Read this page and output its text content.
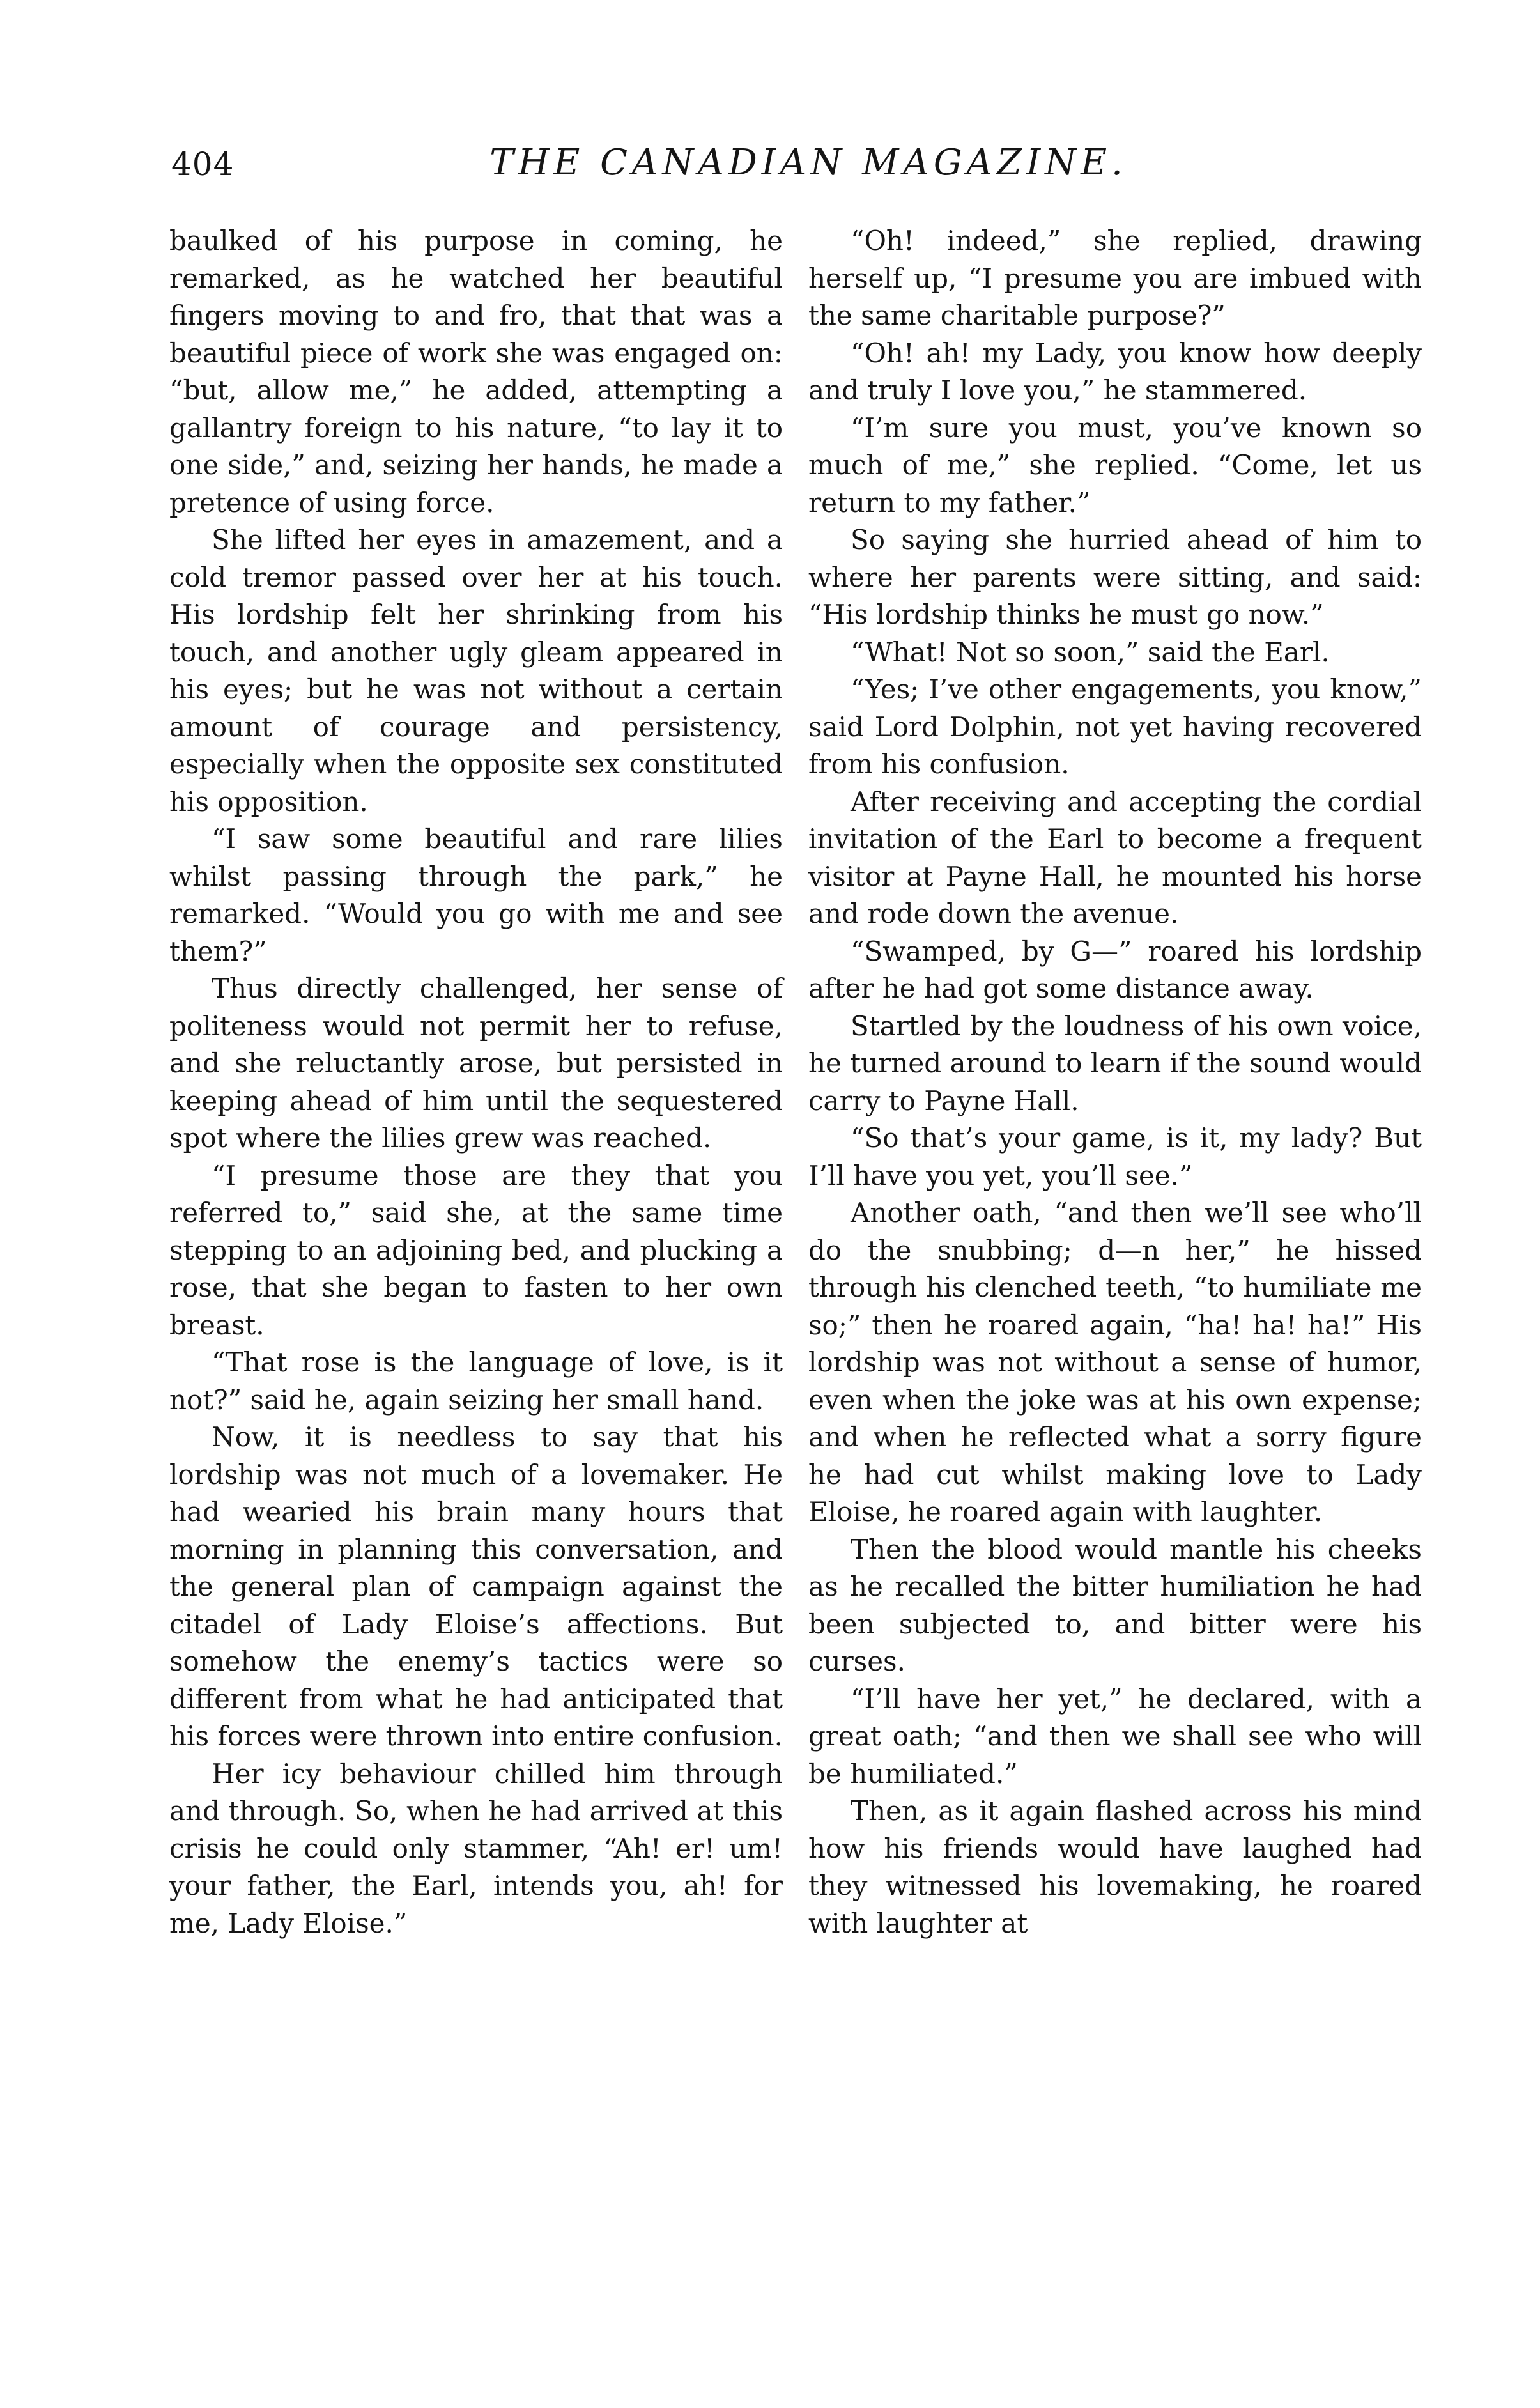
404	THE CANADIAN MAGAZINE.

baulked of his purpose in coming, he remarked, as he watched her beautiful fingers moving to and fro, that that was a beautiful piece of work she was engaged on: “but, allow me,” he added, attempting a gallantry foreign to his nature, “to lay it to one side,” and, seizing her hands, he made a pretence of using force.

She lifted her eyes in amazement, and a cold tremor passed over her at his touch. His lordship felt her shrinking from his touch, and another ugly gleam appeared in his eyes; but he was not without a certain amount of courage and persistency, especially when the opposite sex constituted his opposition.

“I saw some beautiful and rare lilies whilst passing through the park,” he remarked. “Would you go with me and see them?”

Thus directly challenged, her sense of politeness would not permit her to refuse, and she reluctantly arose, but persisted in keeping ahead of him until the sequestered spot where the lilies grew was reached.

“I presume those are they that you referred to,” said she, at the same time stepping to an adjoining bed, and plucking a rose, that she began to fasten to her own breast.

“That rose is the language of love, is it not?” said he, again seizing her small hand.

Now, it is needless to say that his lordship was not much of a lovemaker. He had wearied his brain many hours that morning in planning this conversation, and the general plan of campaign against the citadel of Lady Eloise’s affections. But somehow the enemy’s tactics were so different from what he had anticipated that his forces were thrown into entire confusion.

Her icy behaviour chilled him through and through. So, when he had arrived at this crisis he could only stammer, “Ah! er! um! your father, the Earl, intends you, ah! for me, Lady Eloise.”

“Oh! indeed,” she replied, drawing herself up, “I presume you are imbued with the same charitable purpose?”

“Oh! ah! my Lady, you know how deeply and truly I love you,” he stammered.

“I’m sure you must, you’ve known so much of me,” she replied. “Come, let us return to my father.”

So saying she hurried ahead of him to where her parents were sitting, and said: “His lordship thinks he must go now.”

“What! Not so soon,” said the Earl.

“Yes; I’ve other engagements, you know,” said Lord Dolphin, not yet having recovered from his confusion.

After receiving and accepting the cordial invitation of the Earl to become a frequent visitor at Payne Hall, he mounted his horse and rode down the avenue.

“Swamped, by G—” roared his lordship after he had got some distance away.

Startled by the loudness of his own voice, he turned around to learn if the sound would carry to Payne Hall.

“So that’s your game, is it, my lady? But I’ll have you yet, you’ll see.”

Another oath, “and then we’ll see who’ll do the snubbing; d—n her,” he hissed through his clenched teeth, “to humiliate me so;” then he roared again, “ha! ha! ha!” His lordship was not without a sense of humor, even when the joke was at his own expense; and when he reflected what a sorry figure he had cut whilst making love to Lady Eloise, he roared again with laughter.

Then the blood would mantle his cheeks as he recalled the bitter humiliation he had been subjected to, and bitter were his curses.

“I’ll have her yet,” he declared, with a great oath; “and then we shall see who will be humiliated.”

Then, as it again flashed across his mind how his friends would have laughed had they witnessed his lovemaking, he roared with laughter at
